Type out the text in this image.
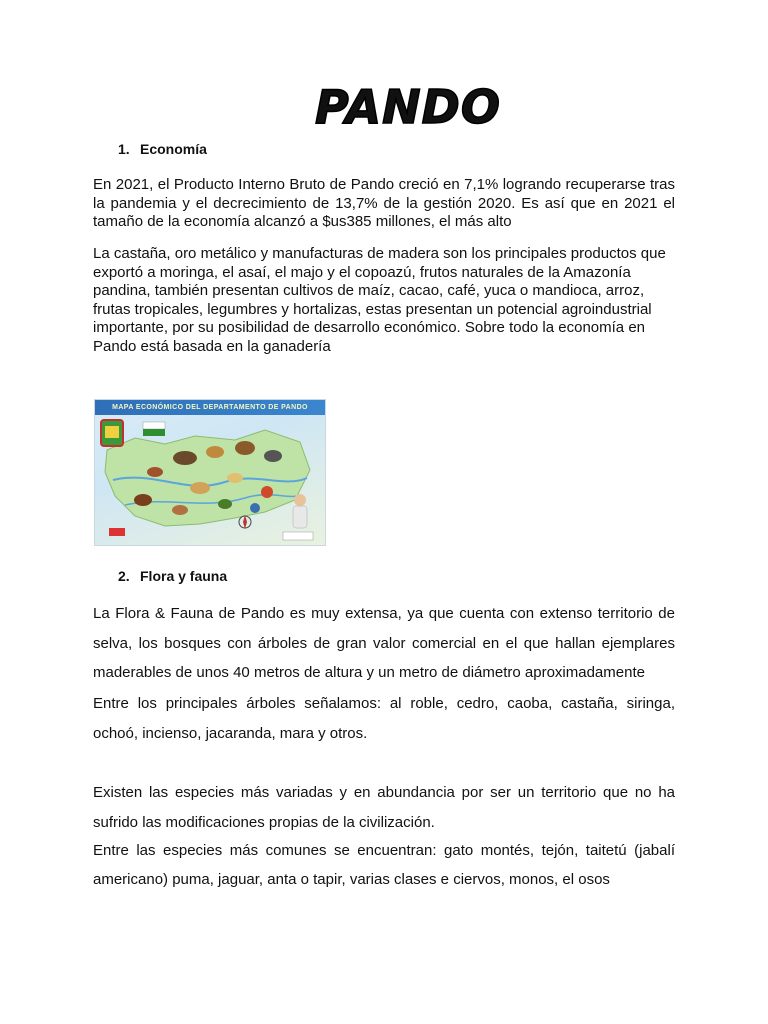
PANDO
1. Economía

En 2021, el Producto Interno Bruto de Pando creció en 7,1% logrando recuperarse tras la pandemia y el decrecimiento de 13,7% de la gestión 2020. Es así que en 2021 el tamaño de la economía alcanzó a $us385 millones, el más alto

La castaña, oro metálico y manufacturas de madera son los principales productos que exportó a moringa, el asaí, el majo y el copoazú, frutos naturales de la Amazonía pandina, también presentan cultivos de maíz, cacao, café, yuca o mandioca, arroz, frutas tropicales, legumbres y hortalizas, estas presentan un potencial agroindustrial importante, por su posibilidad de desarrollo económico. Sobre todo la economía en Pando está basada en la ganadería

MAPA ECONÓMICO DEL DEPARTAMENTO DE PANDO
2. Flora y fauna

La Flora & Fauna de Pando es muy extensa, ya que cuenta con extenso territorio de selva, los bosques con árboles de gran valor comercial en el que hallan ejemplares maderables de unos 40 metros de altura y un metro de diámetro aproximadamente

Entre los principales árboles señalamos: al roble, cedro, caoba, castaña, siringa, ochoó, incienso, jacaranda, mara y otros.

Existen las especies más variadas y en abundancia por ser un territorio que no ha sufrido las modificaciones propias de la civilización.

Entre las especies más comunes se encuentran: gato montés, tejón, taitetú (jabalí americano) puma, jaguar, anta o tapir, varias clases e ciervos, monos, el osos
